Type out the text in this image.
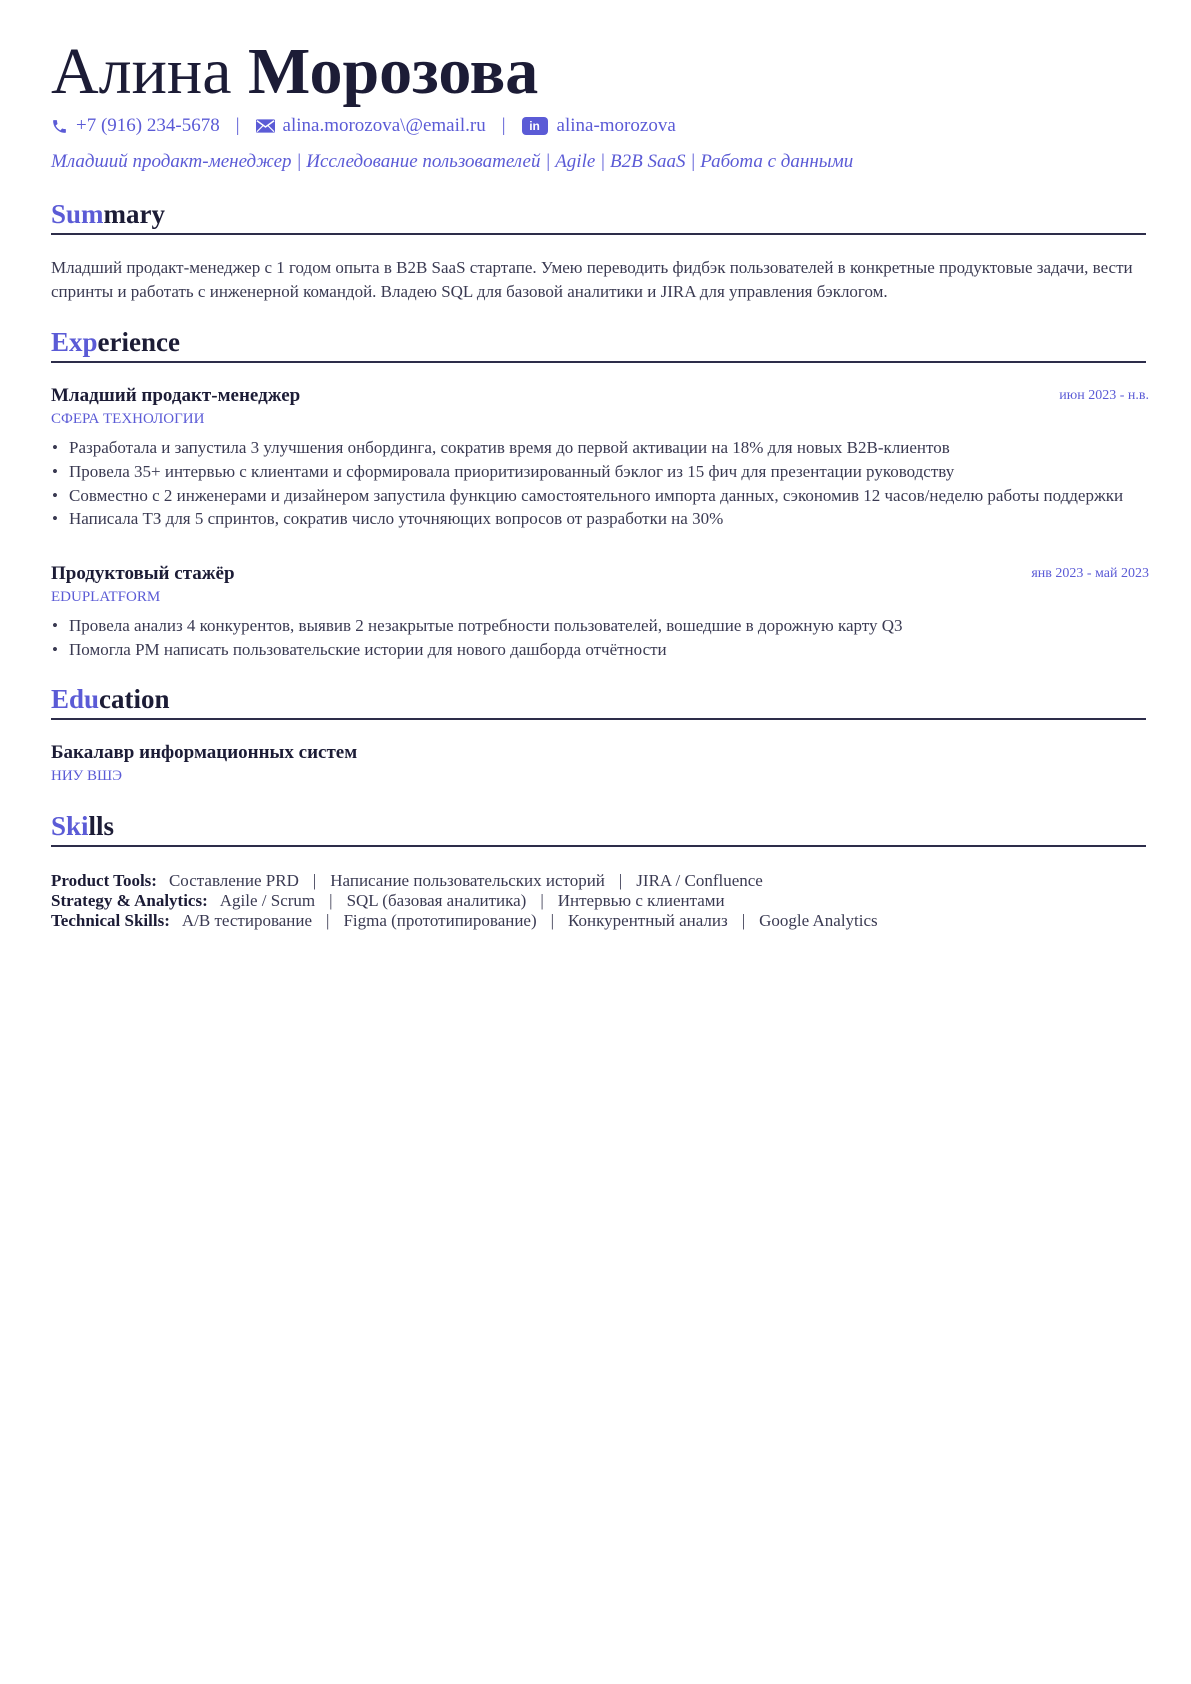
Алина Морозова
+7 (916) 234-5678 | alina.morozova\@email.ru |	in alina-morozova
Младший продакт-менеджер | Исследование пользователей | Agile | B2B SaaS | Работа с данными
Summary
Младший продакт-менеджер с 1 годом опыта в B2B SaaS стартапе. Умею переводить фидбэк пользователей в конкретные продуктовые задачи, вести спринты и работать с инженерной командой. Владею SQL для базовой аналитики и JIRA для управления бэклогом.
Experience
Младший продакт-менеджер	июн 2023 - н.в.
СФЕРА ТЕХНОЛОГИИ
• Разработала и запустила 3 улучшения онбординга, сократив время до первой активации на 18% для новых B2B-клиентов
• Провела 35+ интервью с клиентами и сформировала приоритизированный бэклог из 15 фич для презентации руководству
• Совместно с 2 инженерами и дизайнером запустила функцию самостоятельного импорта данных, сэкономив 12 часов/неделю работы поддержки
• Написала ТЗ для 5 спринтов, сократив число уточняющих вопросов от разработки на 30%
Продуктовый стажёр	янв 2023 - май 2023
EDUPLATFORM
• Провела анализ 4 конкурентов, выявив 2 незакрытые потребности пользователей, вошедшие в дорожную карту Q3
• Помогла PM написать пользовательские истории для нового дашборда отчётности
Education
Бакалавр информационных систем
НИУ ВШЭ
Skills
Product Tools: Составление PRD | Написание пользовательских историй | JIRA / Confluence
Strategy & Analytics: Agile / Scrum | SQL (базовая аналитика) | Интервью с клиентами
Technical Skills: A/B тестирование | Figma (прототипирование) | Конкурентный анализ | Google Analytics
